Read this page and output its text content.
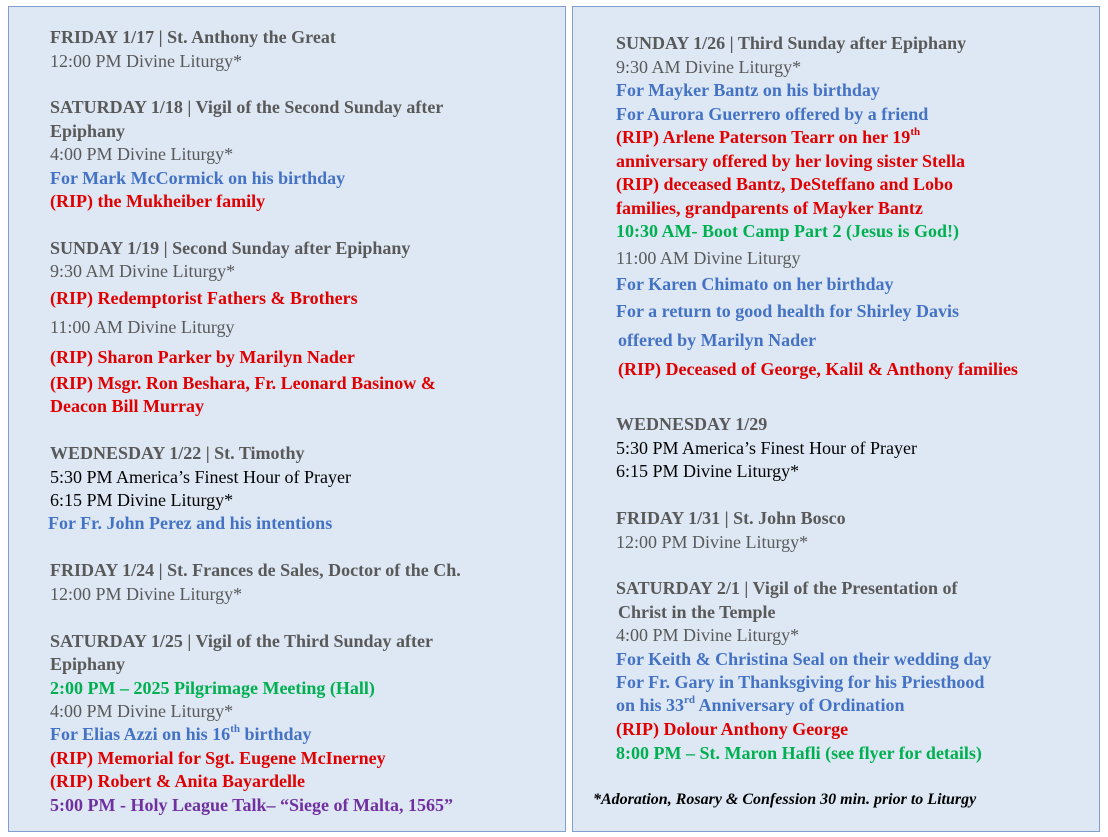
FRIDAY 1/17 | St. Anthony the Great
12:00 PM Divine Liturgy*
SATURDAY 1/18 | Vigil of the Second Sunday after
Epiphany
4:00 PM Divine Liturgy*
For Mark McCormick on his birthday
(RIP) the Mukheiber family
SUNDAY 1/19 | Second Sunday after Epiphany
9:30 AM Divine Liturgy*
(RIP) Redemptorist Fathers & Brothers
11:00 AM Divine Liturgy
(RIP) Sharon Parker by Marilyn Nader
(RIP) Msgr. Ron Beshara, Fr. Leonard Basinow &
Deacon Bill Murray
WEDNESDAY 1/22 | St. Timothy
5:30 PM America’s Finest Hour of Prayer
6:15 PM Divine Liturgy*
For Fr. John Perez and his intentions
FRIDAY 1/24 | St. Frances de Sales, Doctor of the Ch.
12:00 PM Divine Liturgy*
SATURDAY 1/25 | Vigil of the Third Sunday after
Epiphany
2:00 PM – 2025 Pilgrimage Meeting (Hall)
4:00 PM Divine Liturgy*
For Elias Azzi on his 16th birthday
(RIP) Memorial for Sgt. Eugene McInerney
(RIP) Robert & Anita Bayardelle
5:00 PM - Holy League Talk– “Siege of Malta, 1565”
SUNDAY 1/26 | Third Sunday after Epiphany
9:30 AM Divine Liturgy*
For Mayker Bantz on his birthday
For Aurora Guerrero offered by a friend
(RIP) Arlene Paterson Tearr on her 19th
anniversary offered by her loving sister Stella
(RIP) deceased Bantz, DeSteffano and Lobo
families, grandparents of Mayker Bantz
10:30 AM- Boot Camp Part 2 (Jesus is God!)
11:00 AM Divine Liturgy
For Karen Chimato on her birthday
For a return to good health for Shirley Davis
offered by Marilyn Nader
(RIP) Deceased of George, Kalil & Anthony families
WEDNESDAY 1/29
5:30 PM America’s Finest Hour of Prayer
6:15 PM Divine Liturgy*
FRIDAY 1/31 | St. John Bosco
12:00 PM Divine Liturgy*
SATURDAY 2/1 | Vigil of the Presentation of
Christ in the Temple
4:00 PM Divine Liturgy*
For Keith & Christina Seal on their wedding day
For Fr. Gary in Thanksgiving for his Priesthood
on his 33rd Anniversary of Ordination
(RIP) Dolour Anthony George
8:00 PM – St. Maron Hafli (see flyer for details)
*Adoration, Rosary & Confession 30 min. prior to Liturgy
